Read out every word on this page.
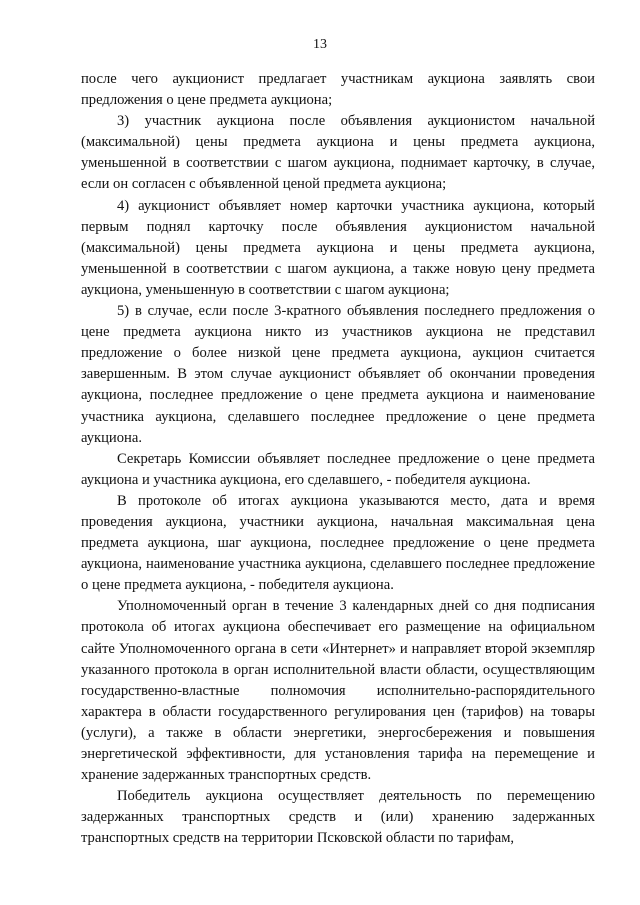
13

после чего аукционист предлагает участникам аукциона заявлять свои предложения о цене предмета аукциона;

3) участник аукциона после объявления аукционистом начальной (максимальной) цены предмета аукциона и цены предмета аукциона, уменьшенной в соответствии с шагом аукциона, поднимает карточку, в случае, если он согласен с объявленной ценой предмета аукциона;

4) аукционист объявляет номер карточки участника аукциона, который первым поднял карточку после объявления аукционистом начальной (максимальной) цены предмета аукциона и цены предмета аукциона, уменьшенной в соответствии с шагом аукциона, а также новую цену предмета аукциона, уменьшенную в соответствии с шагом аукциона;

5) в случае, если после 3-кратного объявления последнего предложения о цене предмета аукциона никто из участников аукциона не представил предложение о более низкой цене предмета аукциона, аукцион считается завершенным. В этом случае аукционист объявляет об окончании проведения аукциона, последнее предложение о цене предмета аукциона и наименование участника аукциона, сделавшего последнее предложение о цене предмета аукциона.

Секретарь Комиссии объявляет последнее предложение о цене предмета аукциона и участника аукциона, его сделавшего, - победителя аукциона.

В протоколе об итогах аукциона указываются место, дата и время проведения аукциона, участники аукциона, начальная максимальная цена предмета аукциона, шаг аукциона, последнее предложение о цене предмета аукциона, наименование участника аукциона, сделавшего последнее предложение о цене предмета аукциона, - победителя аукциона.

Уполномоченный орган в течение 3 календарных дней со дня подписания протокола об итогах аукциона обеспечивает его размещение на официальном сайте Уполномоченного органа в сети «Интернет» и направляет второй экземпляр указанного протокола в орган исполнительной власти области, осуществляющим государственно-властные полномочия исполнительно-распорядительного характера в области государственного регулирования цен (тарифов) на товары (услуги), а также в области энергетики, энергосбережения и повышения энергетической эффективности, для установления тарифа на перемещение и хранение задержанных транспортных средств.

Победитель аукциона осуществляет деятельность по перемещению задержанных транспортных средств и (или) хранению задержанных транспортных средств на территории Псковской области по тарифам,
